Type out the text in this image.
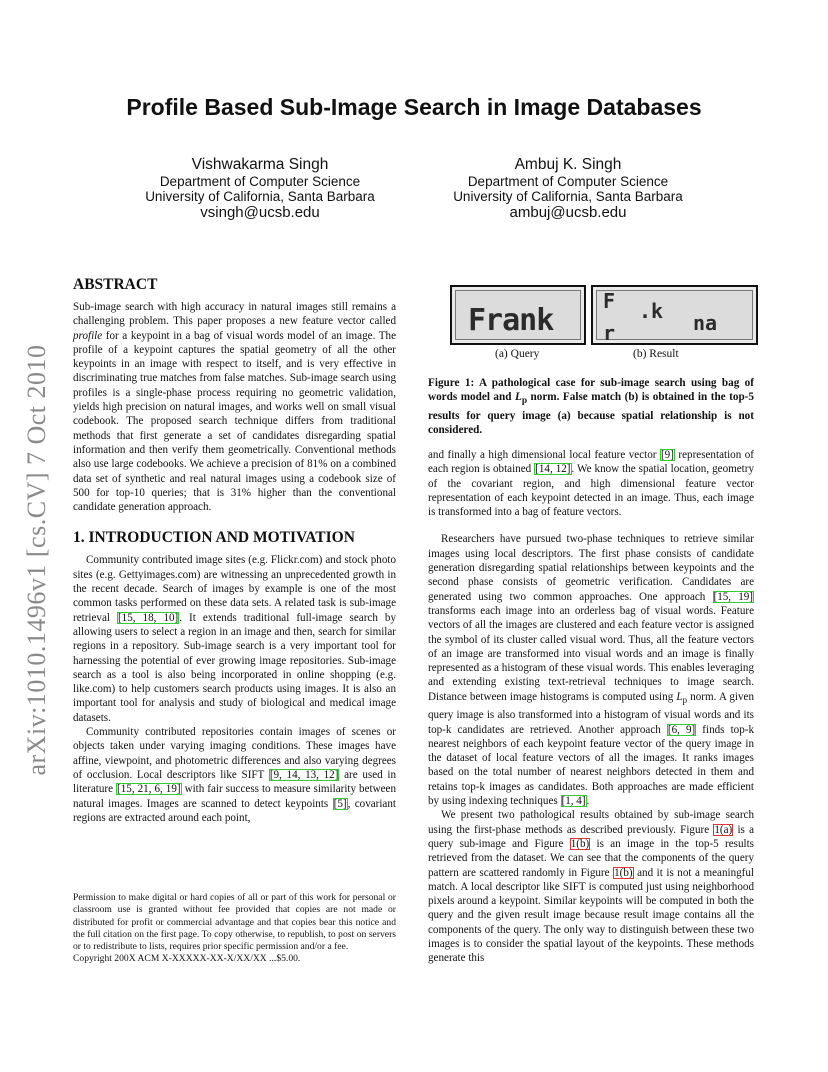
arXiv:1010.1496v1 [cs.CV] 7 Oct 2010
Profile Based Sub-Image Search in Image Databases
Vishwakarma Singh
Department of Computer Science
University of California, Santa Barbara
vsingh@ucsb.edu
Ambuj K. Singh
Department of Computer Science
University of California, Santa Barbara
ambuj@ucsb.edu
ABSTRACT

Sub-image search with high accuracy in natural images still remains a challenging problem. This paper proposes a new feature vector called profile for a keypoint in a bag of visual words model of an image. The profile of a keypoint captures the spatial geometry of all the other keypoints in an image with respect to itself, and is very effective in discriminating true matches from false matches. Sub-image search using profiles is a single-phase process requiring no geometric validation, yields high precision on natural images, and works well on small visual codebook. The proposed search technique differs from traditional methods that first generate a set of candidates disregarding spatial information and then verify them geometrically. Conventional methods also use large codebooks. We achieve a precision of 81% on a combined data set of synthetic and real natural images using a codebook size of 500 for top-10 queries; that is 31% higher than the conventional candidate generation approach.

1. INTRODUCTION AND MOTIVATION

Community contributed image sites (e.g. Flickr.com) and stock photo sites (e.g. Gettyimages.com) are witnessing an unprecedented growth in the recent decade. Search of images by example is one of the most common tasks performed on these data sets. A related task is sub-image retrieval [15, 18, 10]. It extends traditional full-image search by allowing users to select a region in an image and then, search for similar regions in a repository. Sub-image search is a very important tool for harnessing the potential of ever growing image repositories. Sub-image search as a tool is also being incorporated in online shopping (e.g. like.com) to help customers search products using images. It is also an important tool for analysis and study of biological and medical image datasets.

Community contributed repositories contain images of scenes or objects taken under varying imaging conditions. These images have affine, viewpoint, and photometric differences and also varying degrees of occlusion. Local descriptors like SIFT [9, 14, 13, 12] are used in literature [15, 21, 6, 19] with fair success to measure similarity between natural images. Images are scanned to detect keypoints [5], covariant regions are extracted around each point,

Permission to make digital or hard copies of all or part of this work for personal or classroom use is granted without fee provided that copies are not made or distributed for profit or commercial advantage and that copies bear this notice and the full citation on the first page. To copy otherwise, to republish, to post on servers or to redistribute to lists, requires prior specific permission and/or a fee.

Copyright 200X ACM X-XXXXX-XX-X/XX/XX ...$5.00.

Frank
F
r
.k na
(a) Query	(b) Result

Figure 1: A pathological case for sub-image search using bag of words model and $L_p$ norm. False match (b) is obtained in the top-5 results for query image (a) because spatial relationship is not considered.

and finally a high dimensional local feature vector [9] representation of each region is obtained [14, 12]. We know the spatial location, geometry of the covariant region, and high dimensional feature vector representation of each keypoint detected in an image. Thus, each image is transformed into a bag of feature vectors.

Researchers have pursued two-phase techniques to retrieve similar images using local descriptors. The first phase consists of candidate generation disregarding spatial relationships between keypoints and the second phase consists of geometric verification. Candidates are generated using two common approaches. One approach [15, 19] transforms each image into an orderless bag of visual words. Feature vectors of all the images are clustered and each feature vector is assigned the symbol of its cluster called visual word. Thus, all the feature vectors of an image are transformed into visual words and an image is finally represented as a histogram of these visual words. This enables leveraging and extending existing text-retrieval techniques to image search. Distance between image histograms is computed using $L_p$ norm. A given query image is also transformed into a histogram of visual words and its top-k candidates are retrieved. Another approach [6, 9] finds top-k nearest neighbors of each keypoint feature vector of the query image in the dataset of local feature vectors of all the images. It ranks images based on the total number of nearest neighbors detected in them and retains top-k images as candidates. Both approaches are made efficient by using indexing techniques [1, 4].

We present two pathological results obtained by sub-image search using the first-phase methods as described previously. Figure 1(a) is a query sub-image and Figure 1(b) is an image in the top-5 results retrieved from the dataset. We can see that the components of the query pattern are scattered randomly in Figure 1(b) and it is not a meaningful match. A local descriptor like SIFT is computed just using neighborhood pixels around a keypoint. Similar keypoints will be computed in both the query and the given result image because result image contains all the components of the query. The only way to distinguish between these two images is to consider the spatial layout of the keypoints. These methods generate this
